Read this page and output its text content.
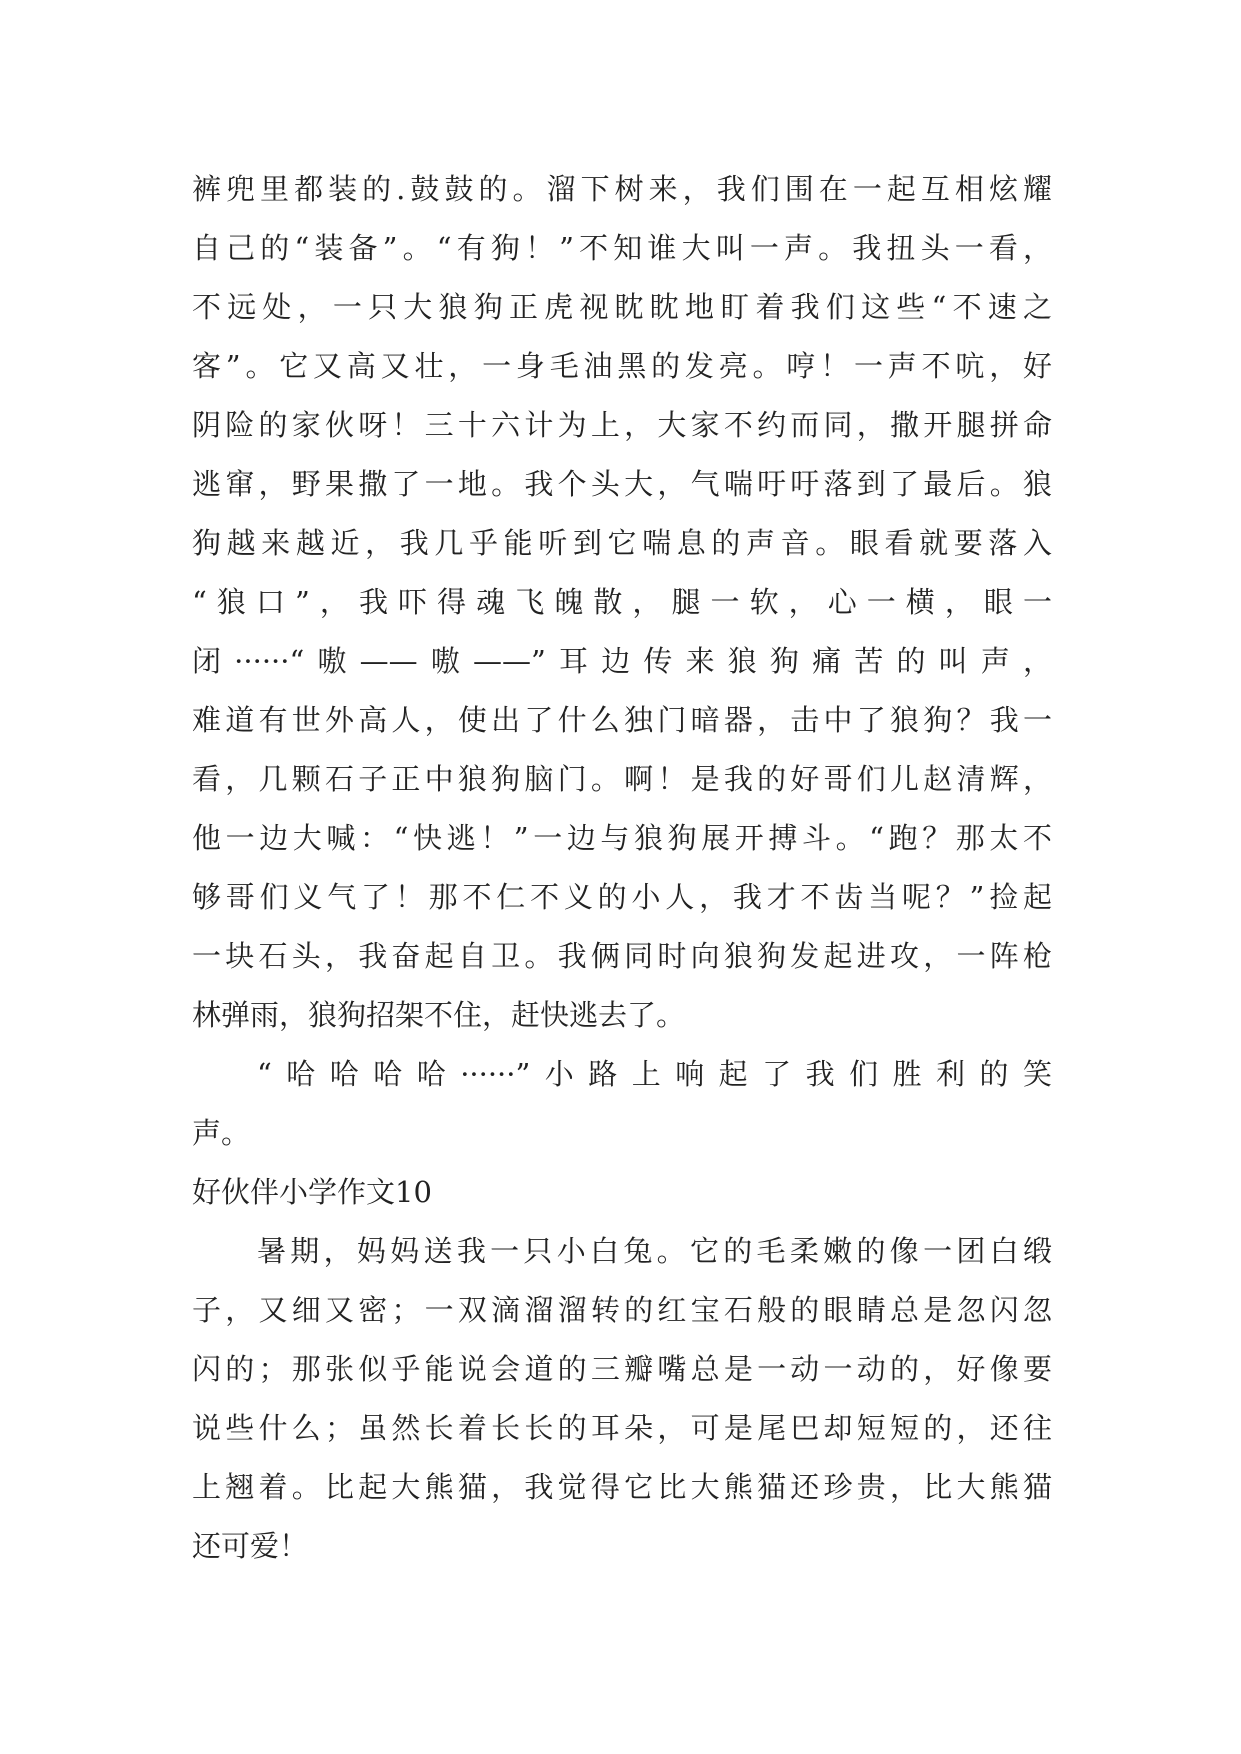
裤兜里都装的.鼓鼓的。溜下树来，我们围在一起互相炫耀
自己的“装备”。“有狗！”不知谁大叫一声。我扭头一看，
不远处，一只大狼狗正虎视眈眈地盯着我们这些“不速之
客”。它又高又壮，一身毛油黑的发亮。哼！一声不吭，好
阴险的家伙呀！三十六计为上，大家不约而同，撒开腿拼命
逃窜，野果撒了一地。我个头大，气喘吁吁落到了最后。狼
狗越来越近，我几乎能听到它喘息的声音。眼看就要落入
“狼口”，我吓得魂飞魄散，腿一软，心一横，眼一
闭······“嗷——嗷——”耳边传来狼狗痛苦的叫声，
难道有世外高人，使出了什么独门暗器，击中了狼狗？我一
看，几颗石子正中狼狗脑门。啊！是我的好哥们儿赵清辉，
他一边大喊：“快逃！”一边与狼狗展开搏斗。“跑？那太不
够哥们义气了！那不仁不义的小人，我才不齿当呢？”捡起
一块石头，我奋起自卫。我俩同时向狼狗发起进攻，一阵枪
林弹雨，狼狗招架不住，赶快逃去了。
“哈哈哈哈······”小路上响起了我们胜利的笑
声。
好伙伴小学作文10
暑期，妈妈送我一只小白兔。它的毛柔嫩的像一团白缎
子，又细又密；一双滴溜溜转的红宝石般的眼睛总是忽闪忽
闪的；那张似乎能说会道的三瓣嘴总是一动一动的，好像要
说些什么；虽然长着长长的耳朵，可是尾巴却短短的，还往
上翘着。比起大熊猫，我觉得它比大熊猫还珍贵，比大熊猫
还可爱！
